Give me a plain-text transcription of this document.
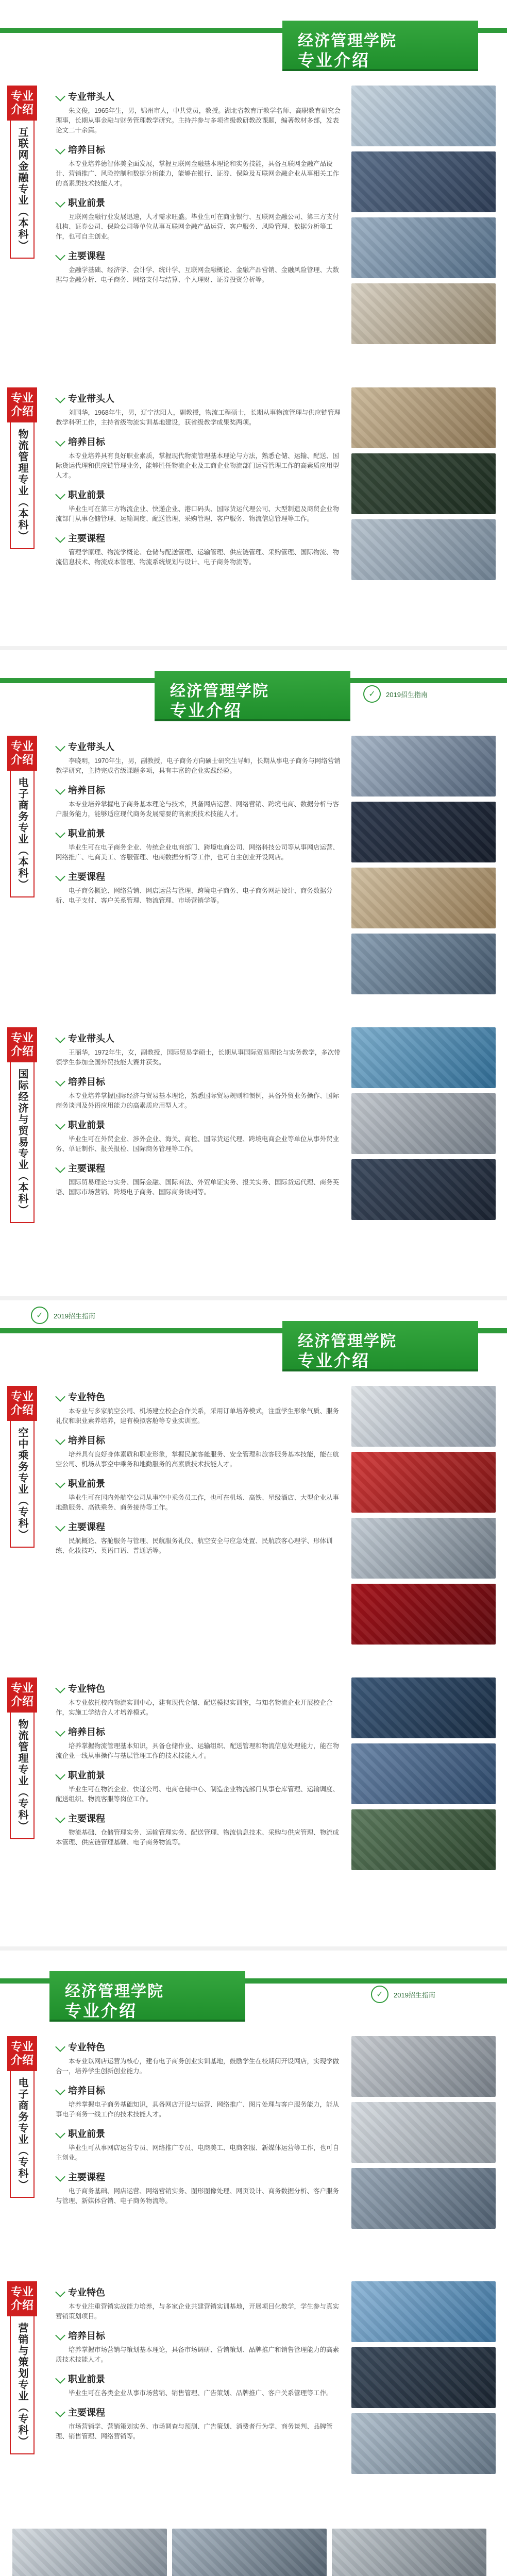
经济管理学院
专业介绍
专业介绍
互联网金融专业（本科）
专业带头人

朱文俊，1965年生，男，锦州市人，中共党员，教授。湖北省教育厅教学名师、高职教育研究会理事，长期从事金融与财务管理教学研究。主持并参与多项省级教研教改课题，编著教材多部，发表论文二十余篇。

培养目标

本专业培养德智体美全面发展，掌握互联网金融基本理论和实务技能，具备互联网金融产品设计、营销推广、风险控制和数据分析能力，能够在银行、证券、保险及互联网金融企业从事相关工作的高素质技术技能人才。

职业前景

互联网金融行业发展迅速，人才需求旺盛。毕业生可在商业银行、互联网金融公司、第三方支付机构、证券公司、保险公司等单位从事互联网金融产品运营、客户服务、风险管理、数据分析等工作，也可自主创业。

主要课程

金融学基础、经济学、会计学、统计学、互联网金融概论、金融产品营销、金融风险管理、大数据与金融分析、电子商务、网络支付与结算、个人理财、证券投资分析等。

专业介绍
物流管理专业（本科）
专业带头人

刘国华，1968年生，男，辽宁沈阳人，副教授，物流工程硕士，长期从事物流管理与供应链管理教学科研工作，主持省级物流实训基地建设，获省级教学成果奖两项。

培养目标

本专业培养具有良好职业素质，掌握现代物流管理基本理论与方法，熟悉仓储、运输、配送、国际货运代理和供应链管理业务，能够胜任物流企业及工商企业物流部门运营管理工作的高素质应用型人才。

职业前景

毕业生可在第三方物流企业、快递企业、港口码头、国际货运代理公司、大型制造及商贸企业物流部门从事仓储管理、运输调度、配送管理、采购管理、客户服务、物流信息管理等工作。

主要课程

管理学原理、物流学概论、仓储与配送管理、运输管理、供应链管理、采购管理、国际物流、物流信息技术、物流成本管理、物流系统规划与设计、电子商务物流等。

经济管理学院
专业介绍
✓	2019招生指南
专业介绍
电子商务专业（本科）
专业带头人

李晓明，1970年生，男，副教授，电子商务方向硕士研究生导师，长期从事电子商务与网络营销教学研究，主持完成省级课题多项，具有丰富的企业实践经验。

培养目标

本专业培养掌握电子商务基本理论与技术，具备网店运营、网络营销、跨境电商、数据分析与客户服务能力，能够适应现代商务发展需要的高素质技术技能人才。

职业前景

毕业生可在电子商务企业、传统企业电商部门、跨境电商公司、网络科技公司等从事网店运营、网络推广、电商美工、客服管理、电商数据分析等工作，也可自主创业开设网店。

主要课程

电子商务概论、网络营销、网店运营与管理、跨境电子商务、电子商务网站设计、商务数据分析、电子支付、客户关系管理、物流管理、市场营销学等。

专业介绍
国际经济与贸易专业（本科）
专业带头人

王丽华，1972年生，女，副教授，国际贸易学硕士，长期从事国际贸易理论与实务教学，多次带领学生参加全国外贸技能大赛并获奖。

培养目标

本专业培养掌握国际经济与贸易基本理论，熟悉国际贸易规则和惯例，具备外贸业务操作、国际商务谈判及外语应用能力的高素质应用型人才。

职业前景

毕业生可在外贸企业、涉外企业、海关、商检、国际货运代理、跨境电商企业等单位从事外贸业务、单证制作、报关报检、国际商务管理等工作。

主要课程

国际贸易理论与实务、国际金融、国际商法、外贸单证实务、报关实务、国际货运代理、商务英语、国际市场营销、跨境电子商务、国际商务谈判等。

经济管理学院
专业介绍
✓	2019招生指南
专业介绍
空中乘务专业（专科）
专业特色

本专业与多家航空公司、机场建立校企合作关系，采用订单培养模式，注重学生形象气质、服务礼仪和职业素养培养，建有模拟客舱等专业实训室。

培养目标

培养具有良好身体素质和职业形象，掌握民航客舱服务、安全管理和旅客服务基本技能，能在航空公司、机场从事空中乘务和地勤服务的高素质技术技能人才。

职业前景

毕业生可在国内外航空公司从事空中乘务员工作，也可在机场、高铁、星级酒店、大型企业从事地勤服务、高铁乘务、商务接待等工作。

主要课程

民航概论、客舱服务与管理、民航服务礼仪、航空安全与应急处置、民航旅客心理学、形体训练、化妆技巧、英语口语、普通话等。

专业介绍
物流管理专业（专科）
专业特色

本专业依托校内物流实训中心，建有现代仓储、配送模拟实训室，与知名物流企业开展校企合作，实施工学结合人才培养模式。

培养目标

培养掌握物流管理基本知识，具备仓储作业、运输组织、配送管理和物流信息处理能力，能在物流企业一线从事操作与基层管理工作的技术技能人才。

职业前景

毕业生可在物流企业、快递公司、电商仓储中心、制造企业物流部门从事仓库管理、运输调度、配送组织、物流客服等岗位工作。

主要课程

物流基础、仓储管理实务、运输管理实务、配送管理、物流信息技术、采购与供应管理、物流成本管理、供应链管理基础、电子商务物流等。

经济管理学院
专业介绍
✓	2019招生指南
专业介绍
电子商务专业（专科）
专业特色

本专业以网店运营为核心，建有电子商务创业实训基地，鼓励学生在校期间开设网店，实现学做合一，培养学生创新创业能力。

培养目标

培养掌握电子商务基础知识，具备网店开设与运营、网络推广、图片处理与客户服务能力，能从事电子商务一线工作的技术技能人才。

职业前景

毕业生可从事网店运营专员、网络推广专员、电商美工、电商客服、新媒体运营等工作，也可自主创业。

主要课程

电子商务基础、网店运营、网络营销实务、图形图像处理、网页设计、商务数据分析、客户服务与管理、新媒体营销、电子商务物流等。

专业介绍
营销与策划专业（专科）
专业特色

本专业注重营销实战能力培养，与多家企业共建营销实训基地，开展项目化教学，学生参与真实营销策划项目。

培养目标

培养掌握市场营销与策划基本理论，具备市场调研、营销策划、品牌推广和销售管理能力的高素质技术技能人才。

职业前景

毕业生可在各类企业从事市场营销、销售管理、广告策划、品牌推广、客户关系管理等工作。

主要课程

市场营销学、营销策划实务、市场调查与预测、广告策划、消费者行为学、商务谈判、品牌管理、销售管理、网络营销等。
